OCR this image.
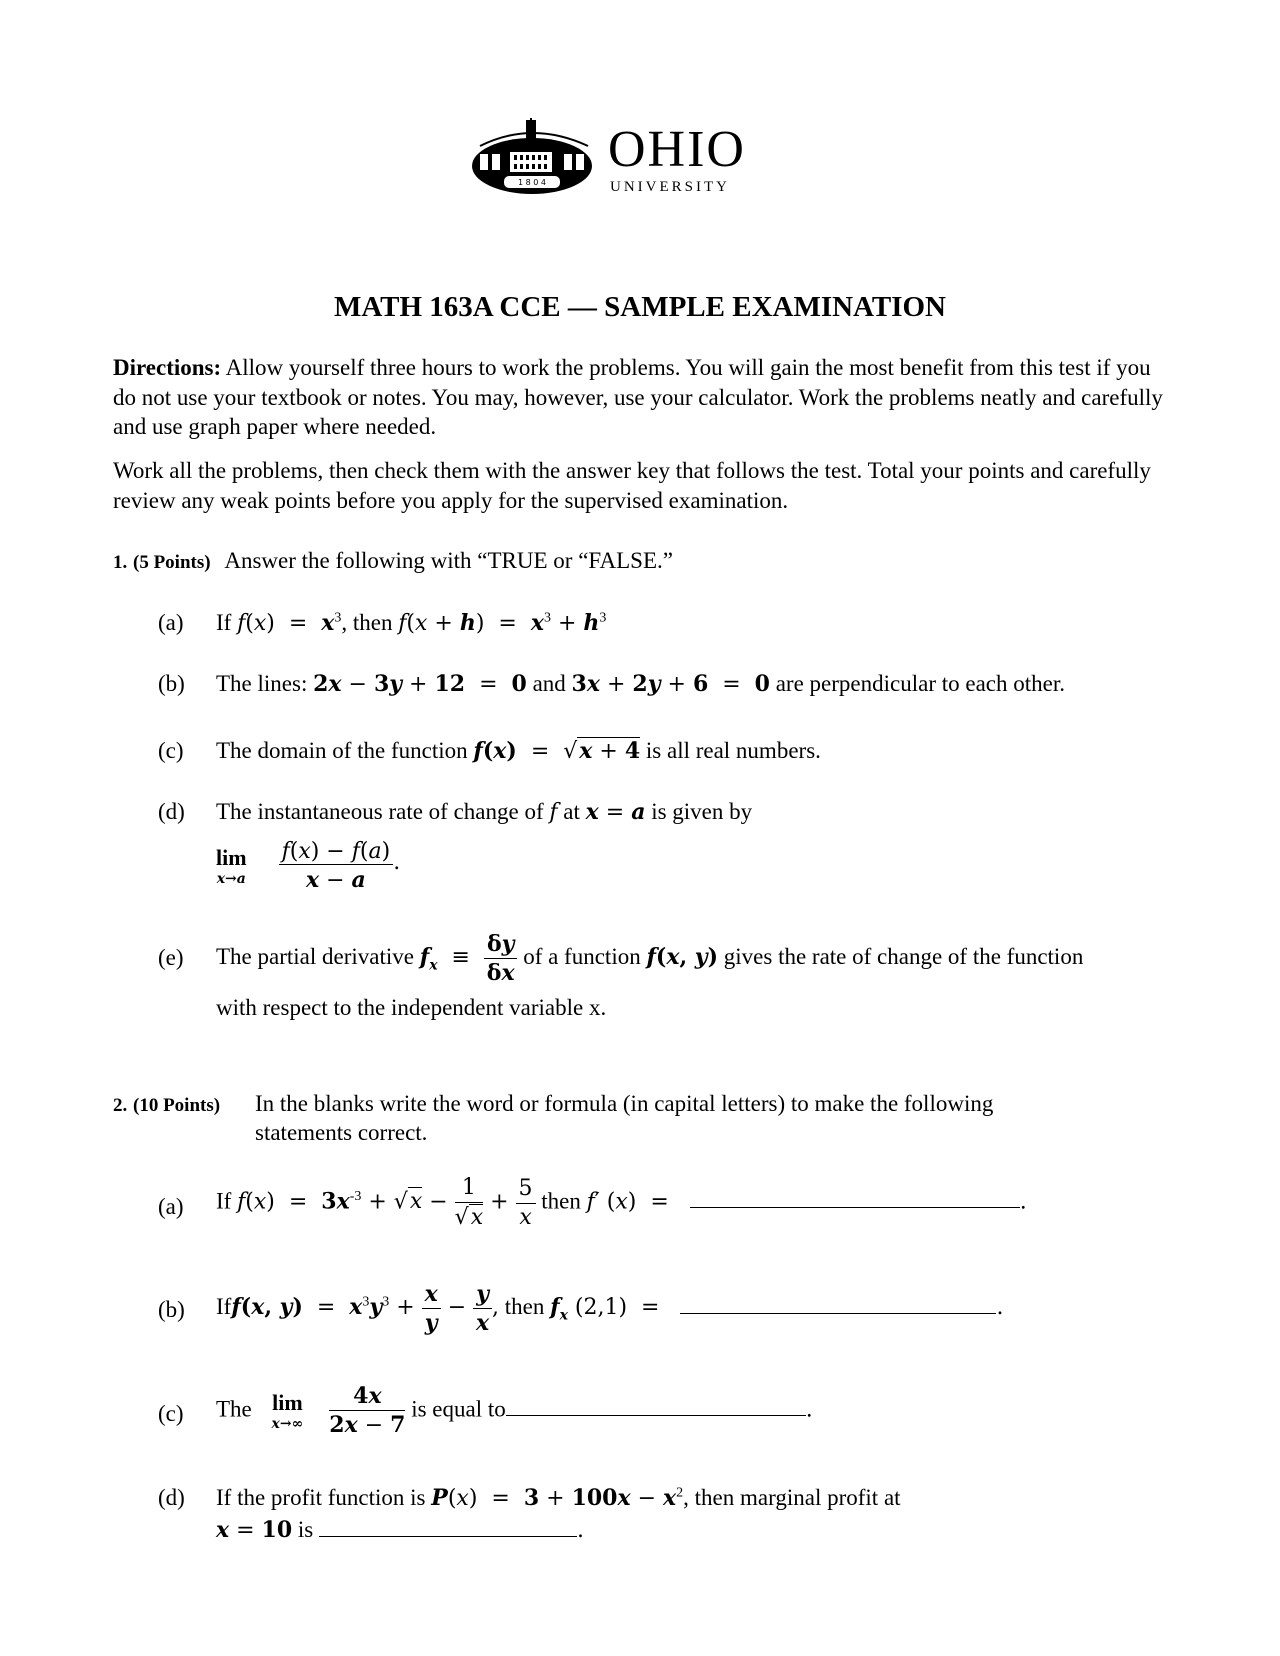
1 8 0 4
OHIO
UNIVERSITY
MATH 163A CCE — SAMPLE EXAMINATION
Directions: Allow yourself three hours to work the problems. You will gain the most benefit from this test if you do not use your textbook or notes. You may, however, use your calculator. Work the problems neatly and carefully and use graph paper where needed.
Work all the problems, then check them with the answer key that follows the test. Total your points and carefully review any weak points before you apply for the supervised examination.
1. (5 Points) Answer the following with “TRUE or “FALSE.”
(a) If $f(x) = x^3$, then $f(x + h) = x^3 + h^3$
(b) The lines: 2x − 3y + 12  =  0 and 3x + 2y + 6  =  0 are perpendicular to each other.
(c) The domain of the function f(x)  =  √x + 4 is all real numbers.
(d) The instantaneous rate of change of f at x = a is given by
lim
$x\to a \frac{f(x) - f(a)}{x - a}$ .
(e) The partial derivative $f_x \equiv \frac{\delta y}{\delta x}$ of a function f(x, y) gives the rate of change of the function
with respect to the independent variable x.
2. (10 Points) In the blanks write the word or formula (in capital letters) to make the following
statements correct.
(a) If $f(x) = 3x^{-3} + √x - \frac{1}{√x} + \frac{5}{x}$ then f′ (x)  =	.
(b) Iff(x, $y) = x^3y^3 + \frac{x}{y} - \frac{y}{x}$ , then $f_x$ (2,1)  =	.
(c) The lim
$x\to\infty \frac{4x}{2x - 7}$ is equal to	.
(d) If the profit function is $P(x) = 3 + 100x - x^2$, then marginal profit at
x = 10 is	.
